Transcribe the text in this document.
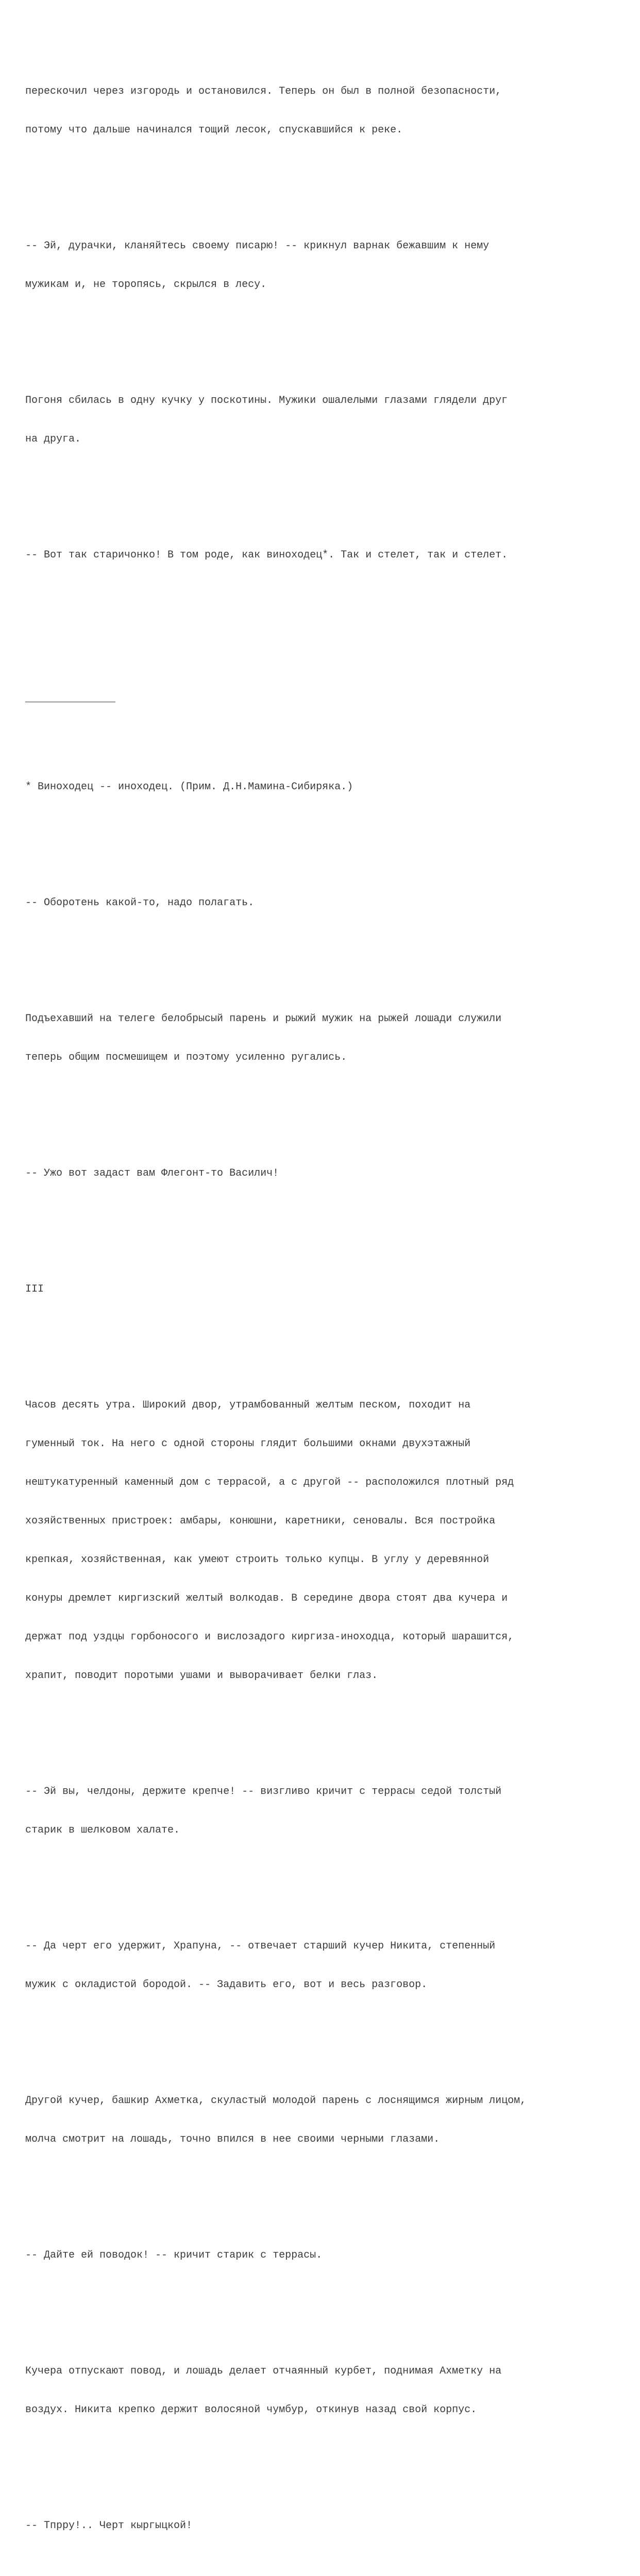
перескочил через изгородь и остановился. Теперь он был в полной безопасности,

потому что дальше начинался тощий лесок, спускавшийся к реке.

-- Эй, дурачки, кланяйтесь своему писарю! -- крикнул варнак бежавшим к нему

мужикам и, не торопясь, скрылся в лесу.

Погоня сбилась в одну кучку у поскотины. Мужики ошалелыми глазами глядели друг

на друга.

-- Вот так старичонко! В том роде, как виноходец*. Так и стелет, так и стелет.

* Виноходец -- иноходец. (Прим. Д.Н.Мамина-Сибиряка.)

-- Оборотень какой-то, надо полагать.

Подъехавший на телеге белобрысый парень и рыжий мужик на рыжей лошади служили

теперь общим посмешищем и поэтому усиленно ругались.

-- Ужо вот задаст вам Флегонт-то Василич!

III

Часов десять утра. Широкий двор, утрамбованный желтым песком, походит на

гуменный ток. На него с одной стороны глядит большими окнами двухэтажный

нештукатуренный каменный дом с террасой, а с другой -- расположился плотный ряд

хозяйственных пристроек: амбары, конюшни, каретники, сеновалы. Вся постройка

крепкая, хозяйственная, как умеют строить только купцы. В углу у деревянной

конуры дремлет киргизский желтый волкодав. В середине двора стоят два кучера и

держат под уздцы горбоносого и вислозадого киргиза-иноходца, который шарашится,

храпит, поводит поротыми ушами и выворачивает белки глаз.

-- Эй вы, челдоны, держите крепче! -- визгливо кричит с террасы седой толстый

старик в шелковом халате.

-- Да черт его удержит, Храпуна, -- отвечает старший кучер Никита, степенный

мужик с окладистой бородой. -- Задавить его, вот и весь разговор.

Другой кучер, башкир Ахметка, скуластый молодой парень с лоснящимся жирным лицом,

молча смотрит на лошадь, точно впился в нее своими черными глазами.

-- Дайте ей поводок! -- кричит старик с террасы.

Кучера отпускают повод, и лошадь делает отчаянный курбет, поднимая Ахметку на

воздух. Никита крепко держит волосяной чумбур, откинув назад свой корпус.

-- Тпрру!.. Черт кыргыцкой!
